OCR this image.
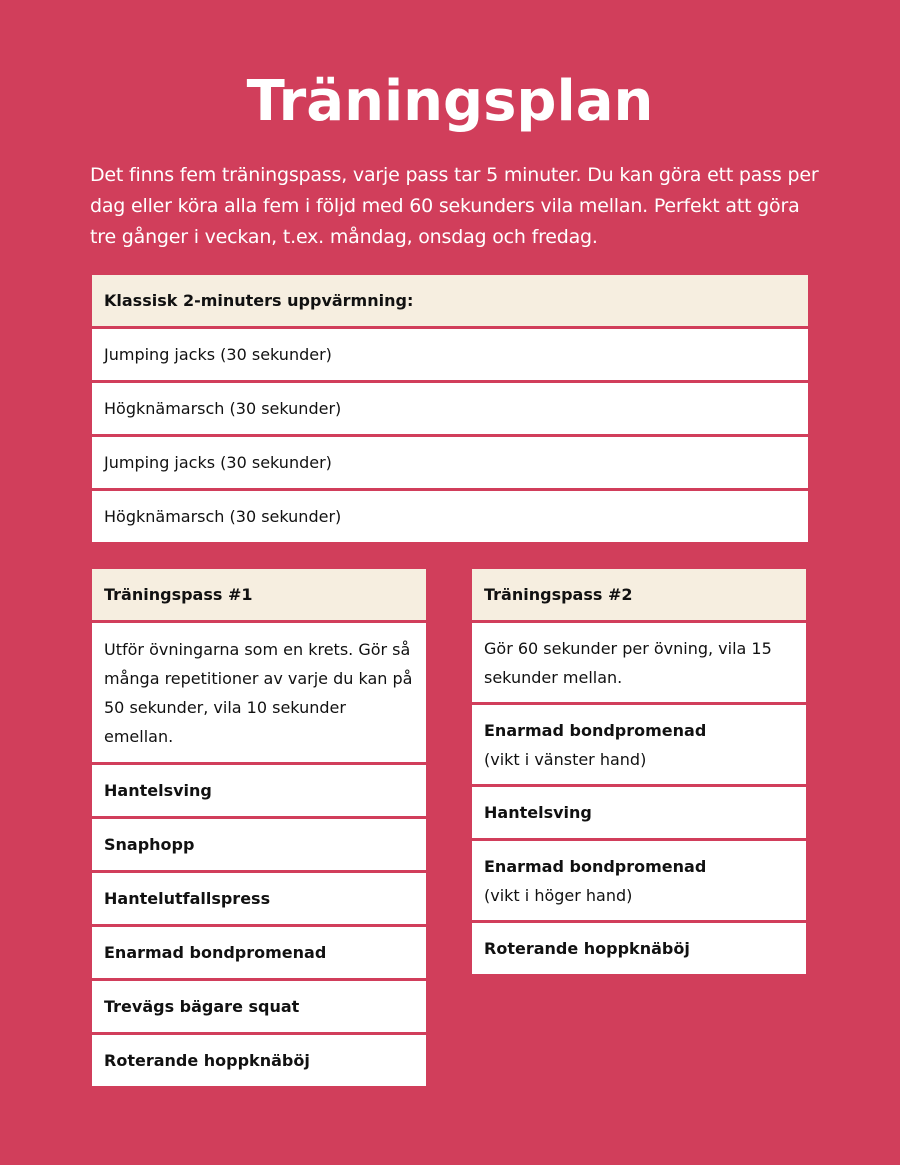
Träningsplan

Det finns fem träningspass, varje pass tar 5 minuter. Du kan göra ett pass per dag eller köra alla fem i följd med 60 sekunders vila mellan. Perfekt att göra tre gånger i veckan, t.ex. måndag, onsdag och fredag.

Klassisk 2-minuters uppvärmning:
Jumping jacks (30 sekunder)
Högknämarsch (30 sekunder)
Jumping jacks (30 sekunder)
Högknämarsch (30 sekunder)
Träningspass #1
Utför övningarna som en krets. Gör så många repetitioner av varje du kan på 50 sekunder, vila 10 sekunder emellan.
Hantelsving
Snaphopp
Hantelutfallspress
Enarmad bondpromenad
Trevägs bägare squat
Roterande hoppknäböj
Träningspass #2
Gör 60 sekunder per övning, vila 15 sekunder mellan.
Enarmad bondpromenad
(vikt i vänster hand)
Hantelsving
Enarmad bondpromenad
(vikt i höger hand)
Roterande hoppknäböj
